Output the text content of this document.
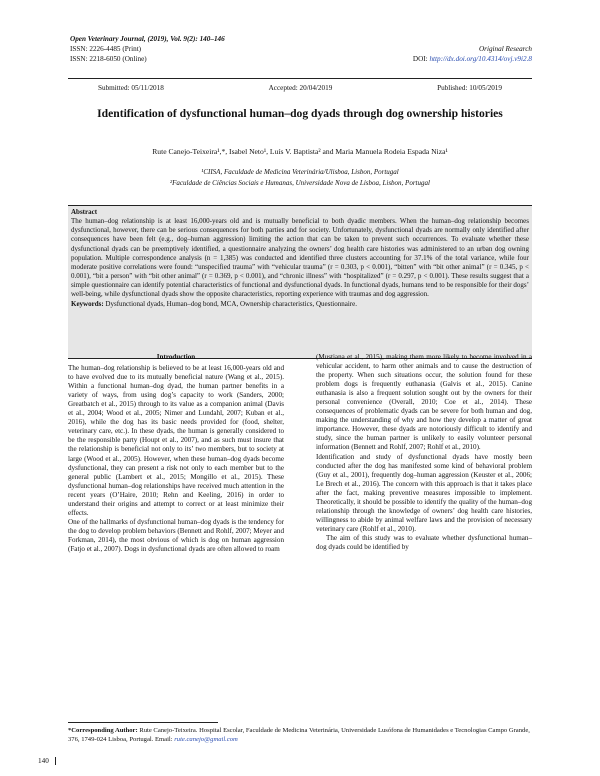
Open Veterinary Journal, (2019), Vol. 9(2): 140–146
ISSN: 2226-4485 (Print)
ISSN: 2218-6050 (Online)
Original Research
DOI: http://dx.doi.org/10.4314/ovj.v9i2.8
Submitted: 05/11/2018	Accepted: 20/04/2019	Published: 10/05/2019
Identification of dysfunctional human–dog dyads through dog ownership histories
Rute Canejo-Teixeira¹,*, Isabel Neto¹, Luís V. Baptista² and Maria Manuela Rodeia Espada Niza¹
¹CIISA, Faculdade de Medicina Veterinária/Ulisboa, Lisbon, Portugal
²Faculdade de Ciências Sociais e Humanas, Universidade Nova de Lisboa, Lisbon, Portugal
Abstract
The human–dog relationship is at least 16,000-years old and is mutually beneficial to both dyadic members. When the human–dog relationship becomes dysfunctional, however, there can be serious consequences for both parties and for society. Unfortunately, dysfunctional dyads are normally only identified after consequences have been felt (e.g., dog–human aggression) limiting the action that can be taken to prevent such occurrences. To evaluate whether these dysfunctional dyads can be preemptively identified, a questionnaire analyzing the owners’ dog health care histories was administered to an urban dog owning population. Multiple correspondence analysis (n = 1,385) was conducted and identified three clusters accounting for 37.1% of the total variance, while four moderate positive correlations were found: “unspecified trauma” with “vehicular trauma” (r = 0.303, p < 0.001), “bitten” with “bit other animal” (r = 0.345, p < 0.001), “bit a person” with “bit other animal” (r = 0.369, p < 0.001), and “chronic illness” with “hospitalized” (r = 0.297, p < 0.001). These results suggest that a simple questionnaire can identify potential characteristics of functional and dysfunctional dyads. In functional dyads, humans tend to be responsible for their dogs’ well-being, while dysfunctional dyads show the opposite characteristics, reporting experience with traumas and dog aggression.
Keywords: Dysfunctional dyads, Human–dog bond, MCA, Ownership characteristics, Questionnaire.
Introduction

The human–dog relationship is believed to be at least 16,000-years old and to have evolved due to its mutually beneficial nature (Wang et al., 2015). Within a functional human–dog dyad, the human partner benefits in a variety of ways, from using dog’s capacity to work (Sanders, 2000; Greatbatch et al., 2015) through to its value as a companion animal (Davis et al., 2004; Wood et al., 2005; Nimer and Lundahl, 2007; Kuban et al., 2016), while the dog has its basic needs provided for (food, shelter, veterinary care, etc.). In these dyads, the human is generally considered to be the responsible party (Houpt et al., 2007), and as such must insure that the relationship is beneficial not only to its’ two members, but to society at large (Wood et al., 2005). However, when these human–dog dyads become dysfunctional, they can present a risk not only to each member but to the general public (Lambert et al., 2015; Mongillo et al., 2015). These dysfunctional human–dog relationships have received much attention in the recent years (O’Haire, 2010; Rehn and Keeling, 2016) in order to understand their origins and attempt to correct or at least minimize their effects.

One of the hallmarks of dysfunctional human–dog dyads is the tendency for the dog to develop problem behaviors (Bennett and Rohlf, 2007; Meyer and Forkman, 2014), the most obvious of which is dog on human aggression (Fatjo et al., 2007). Dogs in dysfunctional dyads are often allowed to roam

(Mustiana et al., 2015), making them more likely to become involved in a vehicular accident, to harm other animals and to cause the destruction of the property. When such situations occur, the solution found for these problem dogs is frequently euthanasia (Galvis et al., 2015). Canine euthanasia is also a frequent solution sought out by the owners for their personal convenience (Overall, 2010; Coe et al., 2014). These consequences of problematic dyads can be severe for both human and dog, making the understanding of why and how they develop a matter of great importance. However, these dyads are notoriously difficult to identify and study, since the human partner is unlikely to easily volunteer personal information (Bennett and Rohlf, 2007; Rohlf et al., 2010).

Identification and study of dysfunctional dyads have mostly been conducted after the dog has manifested some kind of behavioral problem (Guy et al., 2001), frequently dog–human aggression (Keuster et al., 2006; Le Brech et al., 2016). The concern with this approach is that it takes place after the fact, making preventive measures impossible to implement. Theoretically, it should be possible to identify the quality of the human–dog relationship through the knowledge of owners’ dog health care histories, willingness to abide by animal welfare laws and the provision of necessary veterinary care (Rohlf et al., 2010).

The aim of this study was to evaluate whether dysfunctional human–dog dyads could be identified by

*Corresponding Author: Rute Canejo-Teixeira. Hospital Escolar, Faculdade de Medicina Veterinária, Universidade Lusófona de Humanidades e Tecnologias Campo Grande, 376, 1749-024 Lisboa, Portugal. Email: rute.canejo@gmail.com
140
